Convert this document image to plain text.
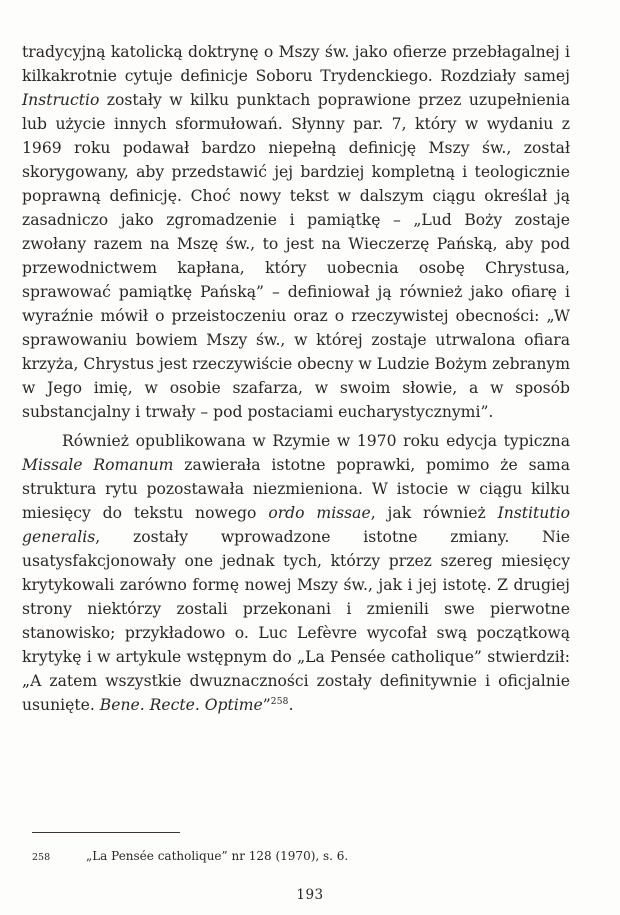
tradycyjną katolicką doktrynę o Mszy św. jako ofierze przebłagalnej i kilkakrotnie cytuje definicje Soboru Trydenckiego. Rozdziały samej Instructio zostały w kilku punktach poprawione przez uzupełnienia lub użycie innych sformułowań. Słynny par. 7, który w wydaniu z 1969 roku podawał bardzo niepełną definicję Mszy św., został skorygowany, aby przedstawić jej bardziej kompletną i teologicznie poprawną definicję. Choć nowy tekst w dalszym ciągu określał ją zasadniczo jako zgromadzenie i pamiątkę – „Lud Boży zostaje zwołany razem na Mszę św., to jest na Wieczerzę Pańską, aby pod przewodnictwem kapłana, który uobecnia osobę Chrystusa, sprawować pamiątkę Pańską” – definiował ją również jako ofiarę i wyraźnie mówił o przeistoczeniu oraz o rzeczywistej obecności: „W sprawowaniu bowiem Mszy św., w której zostaje utrwalona ofiara krzyża, Chrystus jest rzeczywiście obecny w Ludzie Bożym zebranym w Jego imię, w osobie szafarza, w swoim słowie, a w sposób substancjalny i trwały – pod postaciami eucharystycznymi”.

Również opublikowana w Rzymie w 1970 roku edycja typiczna Missale Romanum zawierała istotne poprawki, pomimo że sama struktura rytu pozostawała niezmieniona. W istocie w ciągu kilku miesięcy do tekstu nowego ordo missae, jak również Institutio generalis, zostały wprowadzone istotne zmiany. Nie usatysfakcjonowały one jednak tych, którzy przez szereg miesięcy krytykowali zarówno formę nowej Mszy św., jak i jej istotę. Z drugiej strony niektórzy zostali przekonani i zmienili swe pierwotne stanowisko; przykładowo o. Luc Lefèvre wycofał swą początkową krytykę i w artykule wstępnym do „La Pensée catholique” stwierdził: „A zatem wszystkie dwuznaczności zostały definitywnie i oficjalnie usunięte. Bene. Recte. Optime”$^{258}$.

258	„La Pensée catholique” nr 128 (1970), s. 6.
193
